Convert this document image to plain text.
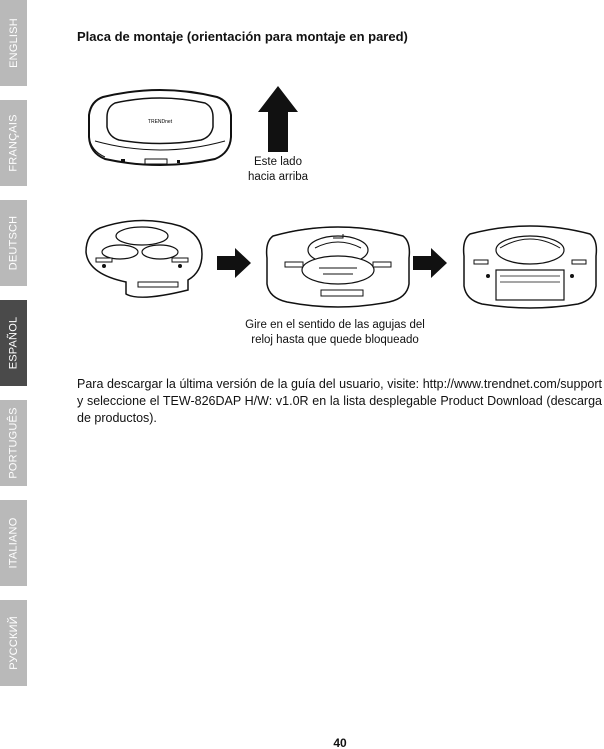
ENGLISH
FRANÇAIS
DEUTSCH
ESPAÑOL
PORTUGUÊS
ITALIANO
РУССКИЙ
Placa de montaje (orientación para montaje en pared)
TRENDnet
Este lado
hacia arriba
Gire en el sentido de las agujas del
reloj hasta que quede bloqueado

Para descargar la última versión de la guía del usuario, visite: http://www.trendnet.com/support y seleccione el TEW-826DAP H/W: v1.0R en la lista desplegable Product Download (descarga de productos).

40
